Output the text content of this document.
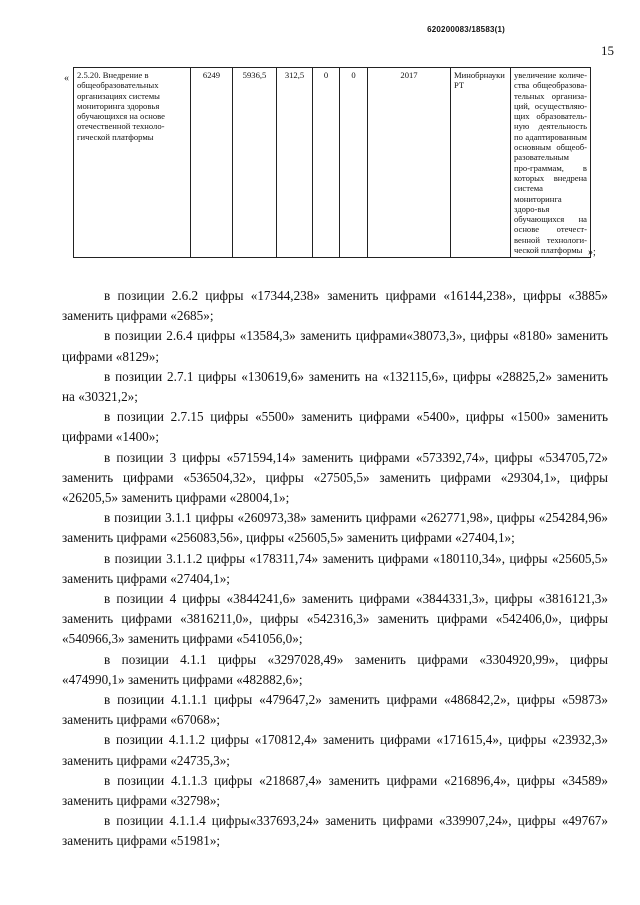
620200083/18583(1)
15
« 2.5.20. Внедрение в общеобразовательных организациях системы мониторинга здоровья обучающихся на основе отечественной техноло-гической платформы	6249	5936,5	312,5	0	0	2017	Минобрнауки РТ	увеличение количе-ства общеобразова-тельных организа-ций, осуществляю-щих образователь-ную деятельность по адаптированным основным общеоб-разовательным про-граммам, в которых внедрена система мониторинга здоро-вья обучающихся на основе отечест-венной технологи-ческой платформы »;

в позиции 2.6.2 цифры «17344,238» заменить цифрами «16144,238», цифры «3885» заменить цифрами «2685»;

в позиции 2.6.4 цифры «13584,3» заменить цифрами«38073,3», цифры «8180» заменить цифрами «8129»;

в позиции 2.7.1 цифры «130619,6» заменить на «132115,6», цифры «28825,2» заменить на «30321,2»;

в позиции 2.7.15 цифры «5500» заменить цифрами «5400», цифры «1500» заменить цифрами «1400»;

в позиции 3 цифры «571594,14» заменить цифрами «573392,74», цифры «534705,72» заменить цифрами «536504,32», цифры «27505,5» заменить цифрами «29304,1», цифры «26205,5» заменить цифрами «28004,1»;

в позиции 3.1.1 цифры «260973,38» заменить цифрами «262771,98», цифры «254284,96» заменить цифрами «256083,56», цифры «25605,5» заменить цифрами «27404,1»;

в позиции 3.1.1.2 цифры «178311,74» заменить цифрами «180110,34», цифры «25605,5» заменить цифрами «27404,1»;

в позиции 4 цифры «3844241,6» заменить цифрами «3844331,3», цифры «3816121,3» заменить цифрами «3816211,0», цифры «542316,3» заменить цифрами «542406,0», цифры «540966,3» заменить цифрами «541056,0»;

в позиции 4.1.1 цифры «3297028,49» заменить цифрами «3304920,99», цифры «474990,1» заменить цифрами «482882,6»;

в позиции 4.1.1.1 цифры «479647,2» заменить цифрами «486842,2», цифры «59873» заменить цифрами «67068»;

в позиции 4.1.1.2 цифры «170812,4» заменить цифрами «171615,4», цифры «23932,3» заменить цифрами «24735,3»;

в позиции 4.1.1.3 цифры «218687,4» заменить цифрами «216896,4», цифры «34589» заменить цифрами «32798»;

в позиции 4.1.1.4 цифры«337693,24» заменить цифрами «339907,24», цифры «49767» заменить цифрами «51981»;
